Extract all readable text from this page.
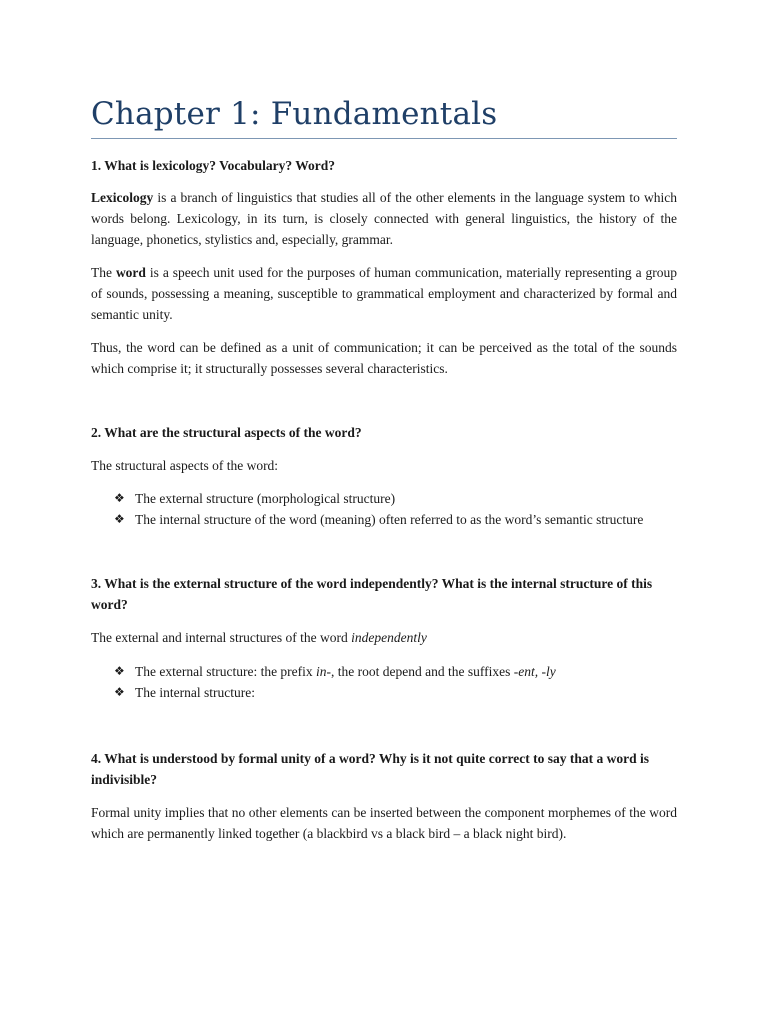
Chapter 1: Fundamentals

1. What is lexicology? Vocabulary? Word?

Lexicology is a branch of linguistics that studies all of the other elements in the language system to which words belong. Lexicology, in its turn, is closely connected with general linguistics, the history of the language, phonetics, stylistics and, especially, grammar.

The word is a speech unit used for the purposes of human communication, materially representing a group of sounds, possessing a meaning, susceptible to grammatical employment and characterized by formal and semantic unity.

Thus, the word can be defined as a unit of communication; it can be perceived as the total of the sounds which comprise it; it structurally possesses several characteristics.

2. What are the structural aspects of the word?

The structural aspects of the word:

❖ The external structure (morphological structure)
❖ The internal structure of the word (meaning) often referred to as the word’s semantic structure

3. What is the external structure of the word independently? What is the internal structure of this word?

The external and internal structures of the word independently

❖ The external structure: the prefix in-, the root depend and the suffixes -ent, -ly
❖ The internal structure:

4. What is understood by formal unity of a word? Why is it not quite correct to say that a word is indivisible?

Formal unity implies that no other elements can be inserted between the component morphemes of the word which are permanently linked together (a blackbird vs a black bird – a black night bird).
